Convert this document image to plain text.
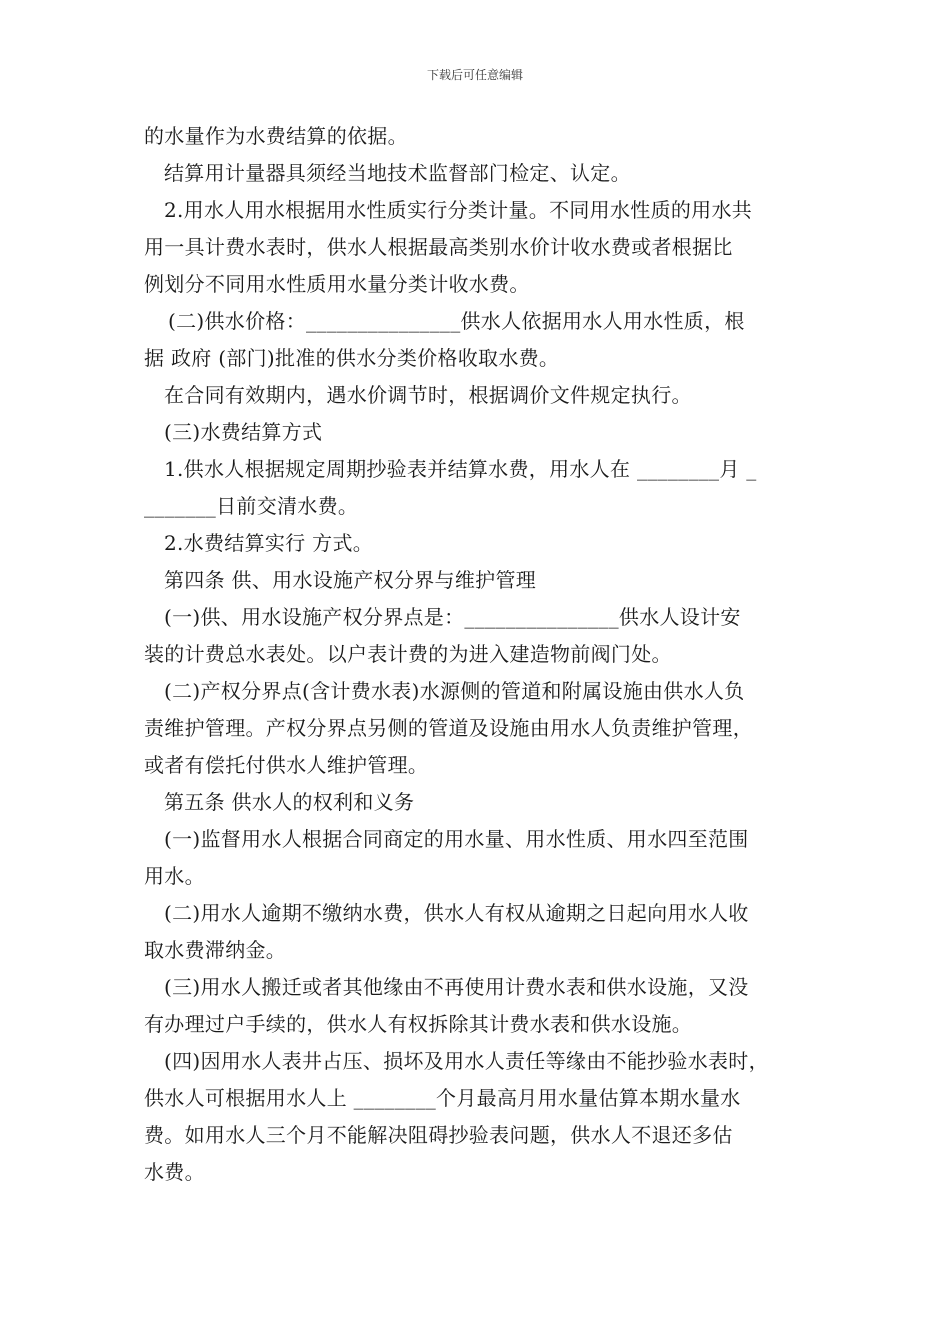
下载后可任意编辑
的水量作为水费结算的依据。
结算用计量器具须经当地技术监督部门检定、认定。
2.用水人用水根据用水性质实行分类计量。不同用水性质的用水共
用一具计费水表时，供水人根据最高类别水价计收水费或者根据比
例划分不同用水性质用水量分类计收水费。
(二)供水价格：_______________供水人依据用水人用水性质，根
据 政府 (部门)批准的供水分类价格收取水费。
在合同有效期内，遇水价调节时，根据调价文件规定执行。
(三)水费结算方式
1.供水人根据规定周期抄验表并结算水费，用水人在 ________月 _
_______日前交清水费。
2.水费结算实行 方式。
第四条 供、用水设施产权分界与维护管理
(一)供、用水设施产权分界点是：_______________供水人设计安
装的计费总水表处。以户表计费的为进入建造物前阀门处。
(二)产权分界点(含计费水表)水源侧的管道和附属设施由供水人负
责维护管理。产权分界点另侧的管道及设施由用水人负责维护管理，
或者有偿托付供水人维护管理。
第五条 供水人的权利和义务
(一)监督用水人根据合同商定的用水量、用水性质、用水四至范围
用水。
(二)用水人逾期不缴纳水费，供水人有权从逾期之日起向用水人收
取水费滞纳金。
(三)用水人搬迁或者其他缘由不再使用计费水表和供水设施，又没
有办理过户手续的，供水人有权拆除其计费水表和供水设施。
(四)因用水人表井占压、损坏及用水人责任等缘由不能抄验水表时，
供水人可根据用水人上 ________个月最高月用水量估算本期水量水
费。如用水人三个月不能解决阻碍抄验表问题，供水人不退还多估
水费。
